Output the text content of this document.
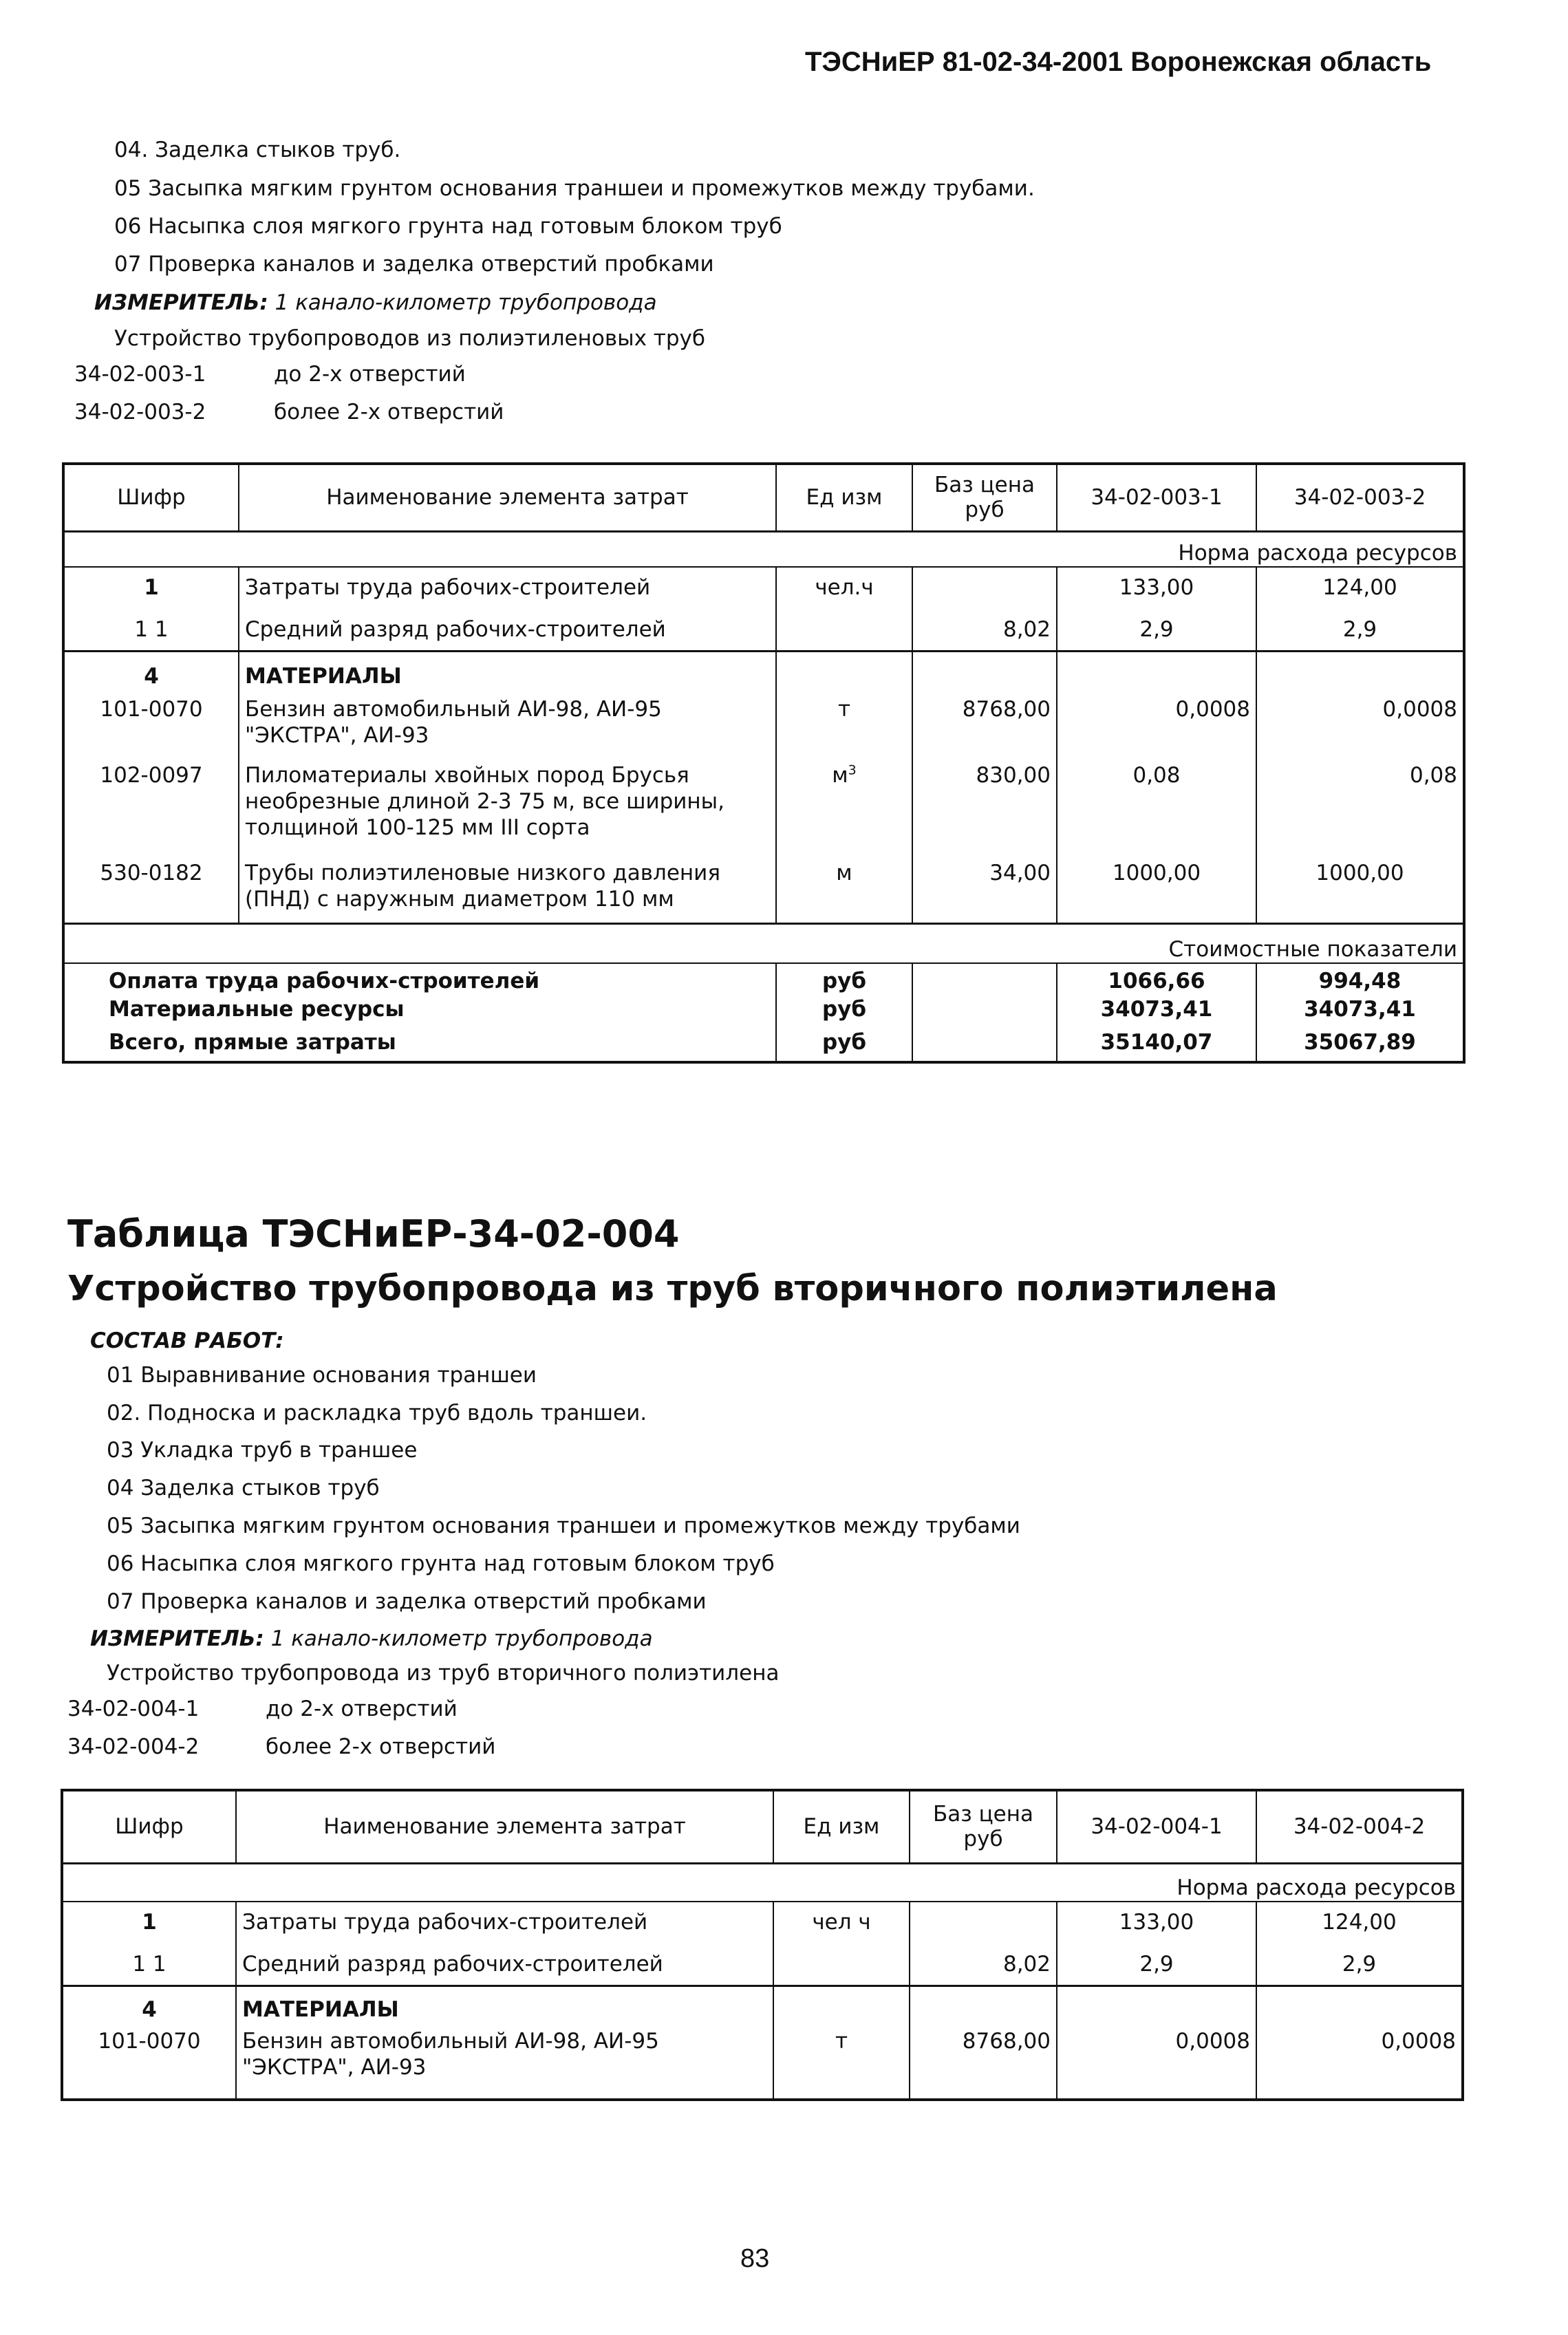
ТЭСНиЕР 81-02-34-2001 Воронежская область
04. Заделка стыков труб.
05 Засыпка мягким грунтом основания траншеи и промежутков между трубами.
06 Насыпка слоя мягкого грунта над готовым блоком труб
07 Проверка каналов и заделка отверстий пробками
ИЗМЕРИТЕЛЬ: 1 канало-километр трубопровода
Устройство трубопроводов из полиэтиленовых труб
34-02-003-1	до 2-х отверстий
34-02-003-2	более 2-х отверстий
Шифр	Наименование элемента затрат	Ед изм	Баз цена руб	34-02-003-1	34-02-003-2
Норма расхода ресурсов					
1	Затраты труда рабочих-строителей	чел.ч		133,00	124,00
1 1	Средний разряд рабочих-строителей		8,02	2,9	2,9
4	МАТЕРИАЛЫ				
101-0070	Бензин автомобильный АИ-98, АИ-95 "ЭКСТРА", АИ-93	т	8768,00	0,0008	0,0008
102-0097	Пиломатериалы хвойных пород Брусья необрезные длиной 2-3 75 м, все ширины, толщиной 100-125 мм III сорта	$м^3$	830,00	0,08	0,08
530-0182	Трубы полиэтиленовые низкого давления (ПНД) с наружным диаметром 110 мм	м	34,00	1000,00	1000,00
Стоимостные показатели					
Оплата труда рабочих-строителей		руб		1066,66	994,48
Материальные ресурсы		руб		34073,41	34073,41
Всего, прямые затраты		руб		35140,07	35067,89
Таблица ТЭСНиЕР-34-02-004
Устройство трубопровода из труб вторичного полиэтилена
СОСТАВ РАБОТ:
01 Выравнивание основания траншеи
02. Подноска и раскладка труб вдоль траншеи.
03 Укладка труб в траншее
04 Заделка стыков труб
05 Засыпка мягким грунтом основания траншеи и промежутков между трубами
06 Насыпка слоя мягкого грунта над готовым блоком труб
07 Проверка каналов и заделка отверстий пробками
ИЗМЕРИТЕЛЬ: 1 канало-километр трубопровода
Устройство трубопровода из труб вторичного полиэтилена
34-02-004-1	до 2-х отверстий
34-02-004-2	более 2-х отверстий
Шифр	Наименование элемента затрат	Ед изм	Баз цена руб	34-02-004-1	34-02-004-2
Норма расхода ресурсов					
1	Затраты труда рабочих-строителей	чел ч		133,00	124,00
1 1	Средний разряд рабочих-строителей		8,02	2,9	2,9
4	МАТЕРИАЛЫ				
101-0070	Бензин автомобильный АИ-98, АИ-95 "ЭКСТРА", АИ-93	т	8768,00	0,0008	0,0008
83
